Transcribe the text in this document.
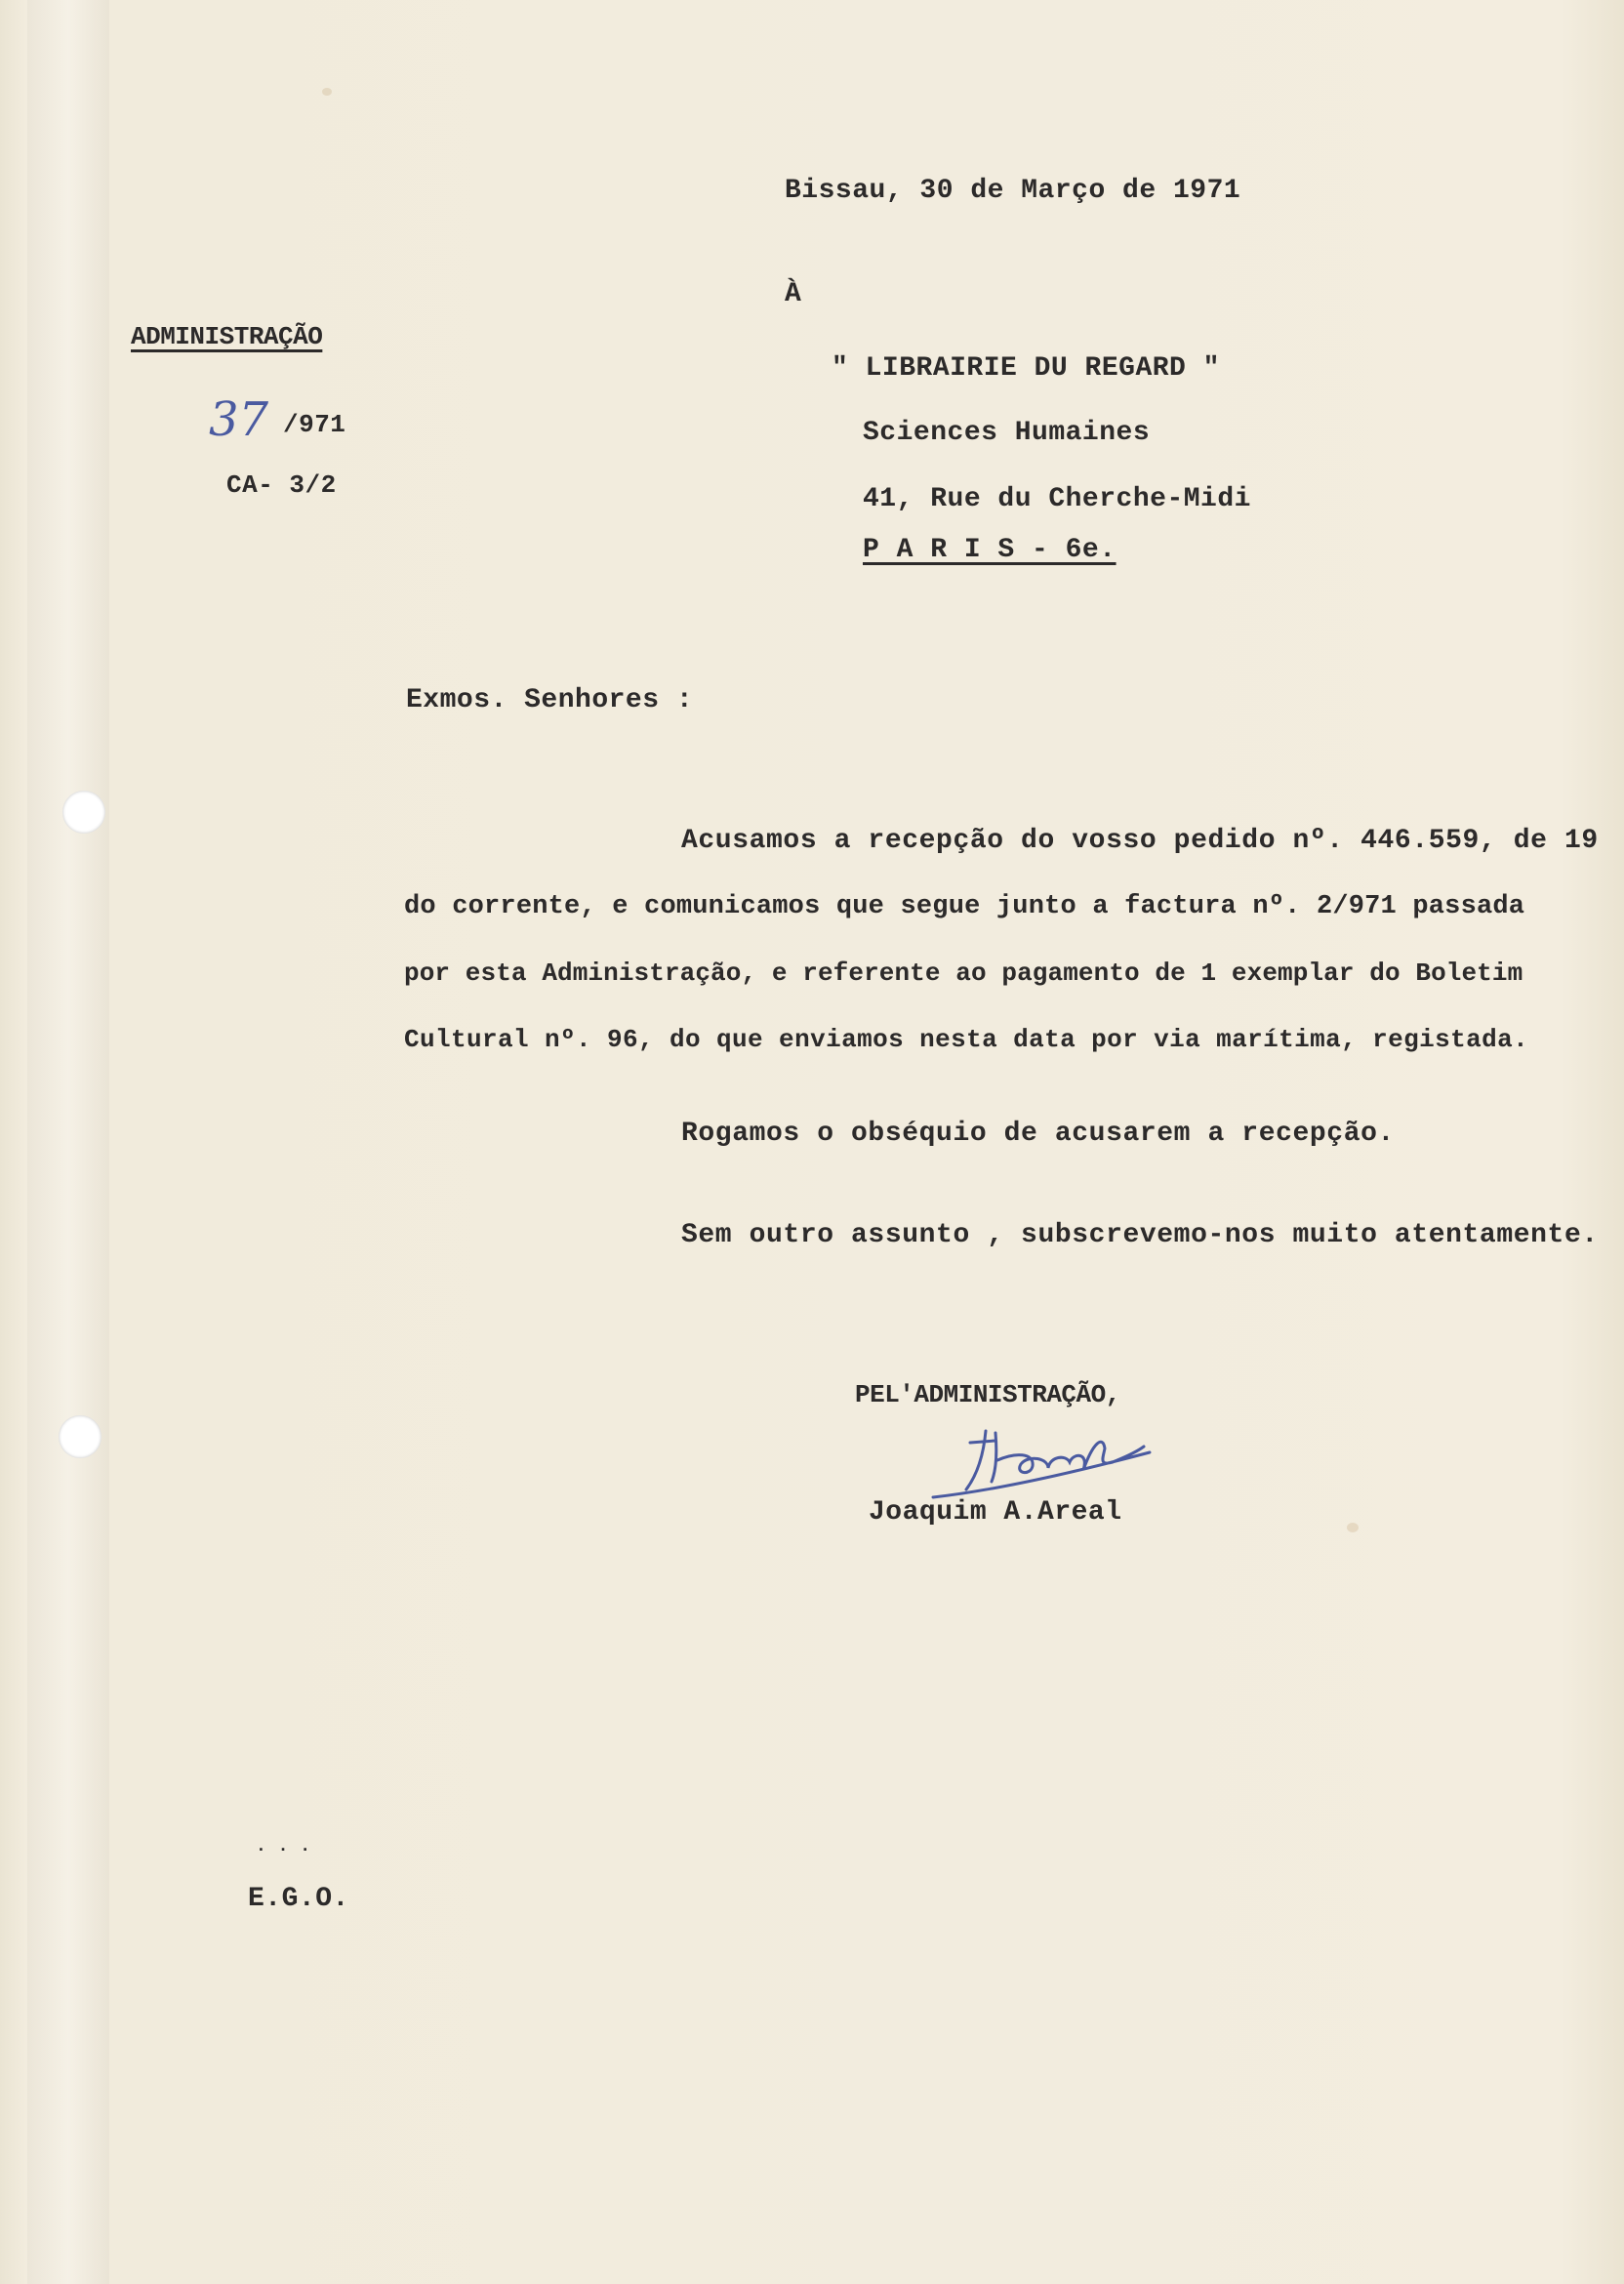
Bissau, 30 de Março de 1971
À
" LIBRAIRIE DU REGARD "
Sciences Humaines
41, Rue du Cherche-Midi
P A R I S - 6e.
ADMINISTRAÇÃO
37 /971
CA- 3/2
Exmos. Senhores :
Acusamos a recepção do vosso pedido nº. 446.559, de 19
do corrente, e comunicamos que segue junto a factura nº. 2/971 passada
por esta Administração, e referente ao pagamento de 1 exemplar do Boletim
Cultural nº. 96, do que enviamos nesta data por via marítima, registada.
Rogamos o obséquio de acusarem a recepção.
Sem outro assunto , subscrevemo-nos muito atentamente.
PEL'ADMINISTRAÇÃO,
Joaquim A.Areal
. . .
E.G.O.
